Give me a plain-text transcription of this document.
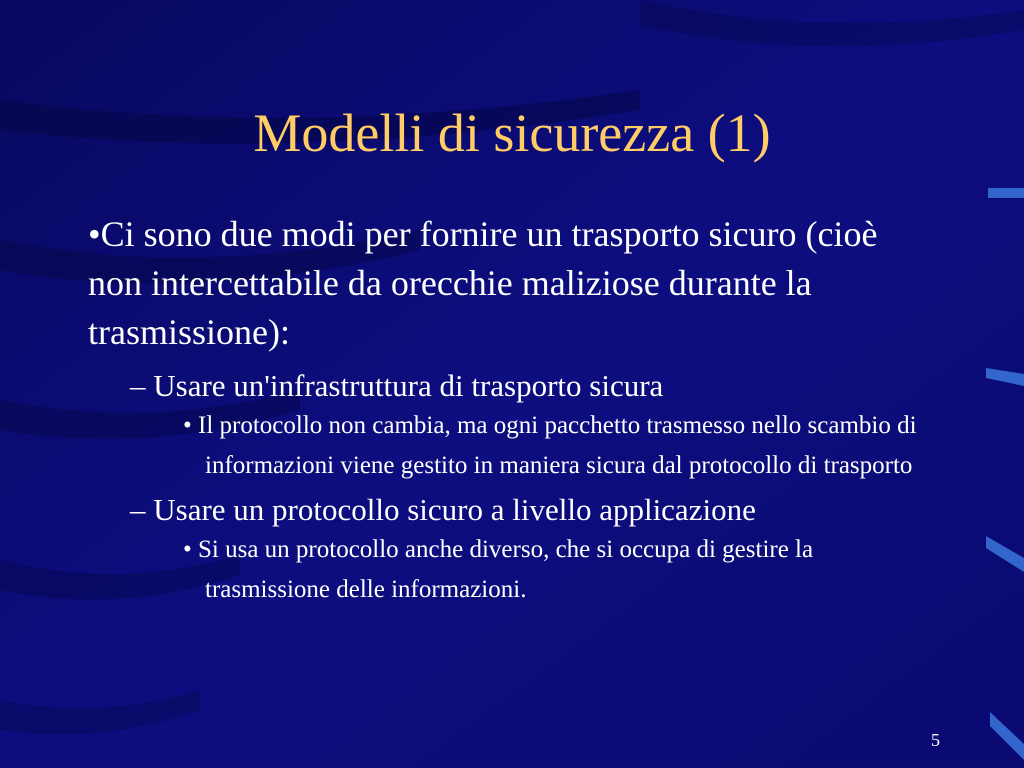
Modelli di sicurezza (1)

•Ci sono due modi per fornire un trasporto sicuro (cioè non intercettabile da orecchie maliziose durante la trasmissione):

– Usare un'infrastruttura di trasporto sicura

• Il protocollo non cambia, ma ogni pacchetto trasmesso nello scambio di informazioni viene gestito in maniera sicura dal protocollo di trasporto

– Usare un protocollo sicuro a livello applicazione

• Si usa un protocollo anche diverso, che si occupa di gestire la trasmissione delle informazioni.

5
